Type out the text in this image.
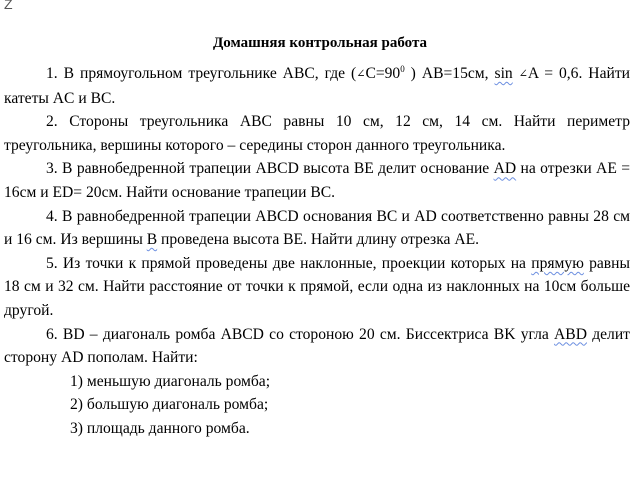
Z
Домашняя контрольная работа

1. В прямоугольном треугольнике ABC, где ($\angle C=90^0$ ) AB=15см, sin ∠A = 0,6. Найти катеты AC и BC.

2. Стороны треугольника ABC равны 10 см, 12 см, 14 см. Найти периметр треугольника, вершины которого – середины сторон данного треугольника.

3. В равнобедренной трапеции ABCD высота BE делит основание AD на отрезки AE = 16см и ED= 20см. Найти основание трапеции BC.

4. В равнобедренной трапеции ABCD основания BC и AD соответственно равны 28 см и 16 см. Из вершины В проведена высота ВЕ. Найти длину отрезка AE.

5. Из точки к прямой проведены две наклонные, проекции которых на прямую равны 18 см и 32 см. Найти расстояние от точки к прямой, если одна из наклонных на 10см больше другой.

6. BD – диагональ ромба ABCD со стороною 20 см. Биссектриса BK угла ABD делит сторону AD пополам. Найти:

1) меньшую диагональ ромба;

2) большую диагональ ромба;

3) площадь данного ромба.
